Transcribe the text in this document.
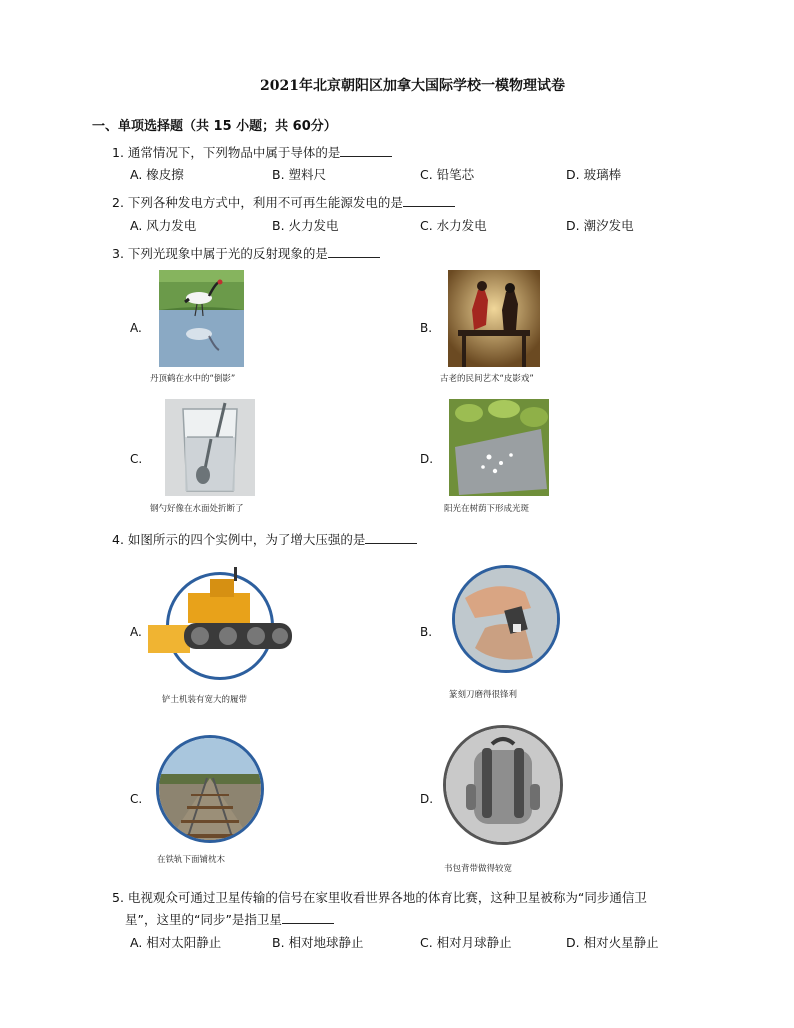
2021年北京朝阳区加拿大国际学校一模物理试卷
一、单项选择题（共 15 小题；共 60分）
1. 通常情况下，下列物品中属于导体的是
A. 橡皮擦	B. 塑料尺	C. 铅笔芯	D. 玻璃棒
2. 下列各种发电方式中，利用不可再生能源发电的是
A. 风力发电	B. 火力发电	C. 水力发电	D. 潮汐发电
3. 下列光现象中属于光的反射现象的是
A.
丹顶鹤在水中的“倒影”
B.
古老的民间艺术“皮影戏”
C.
钢勺好像在水面处折断了
D.
阳光在树荫下形成光斑
4. 如图所示的四个实例中，为了增大压强的是
A.
铲土机装有宽大的履带
B.
篆刻刀磨得很锋利
C.
在铁轨下面铺枕木
D.
书包背带做得较宽
5. 电视观众可通过卫星传输的信号在家里收看世界各地的体育比赛，这种卫星被称为“同步通信卫
星”，这里的“同步”是指卫星
A. 相对太阳静止	B. 相对地球静止	C. 相对月球静止	D. 相对火星静止
